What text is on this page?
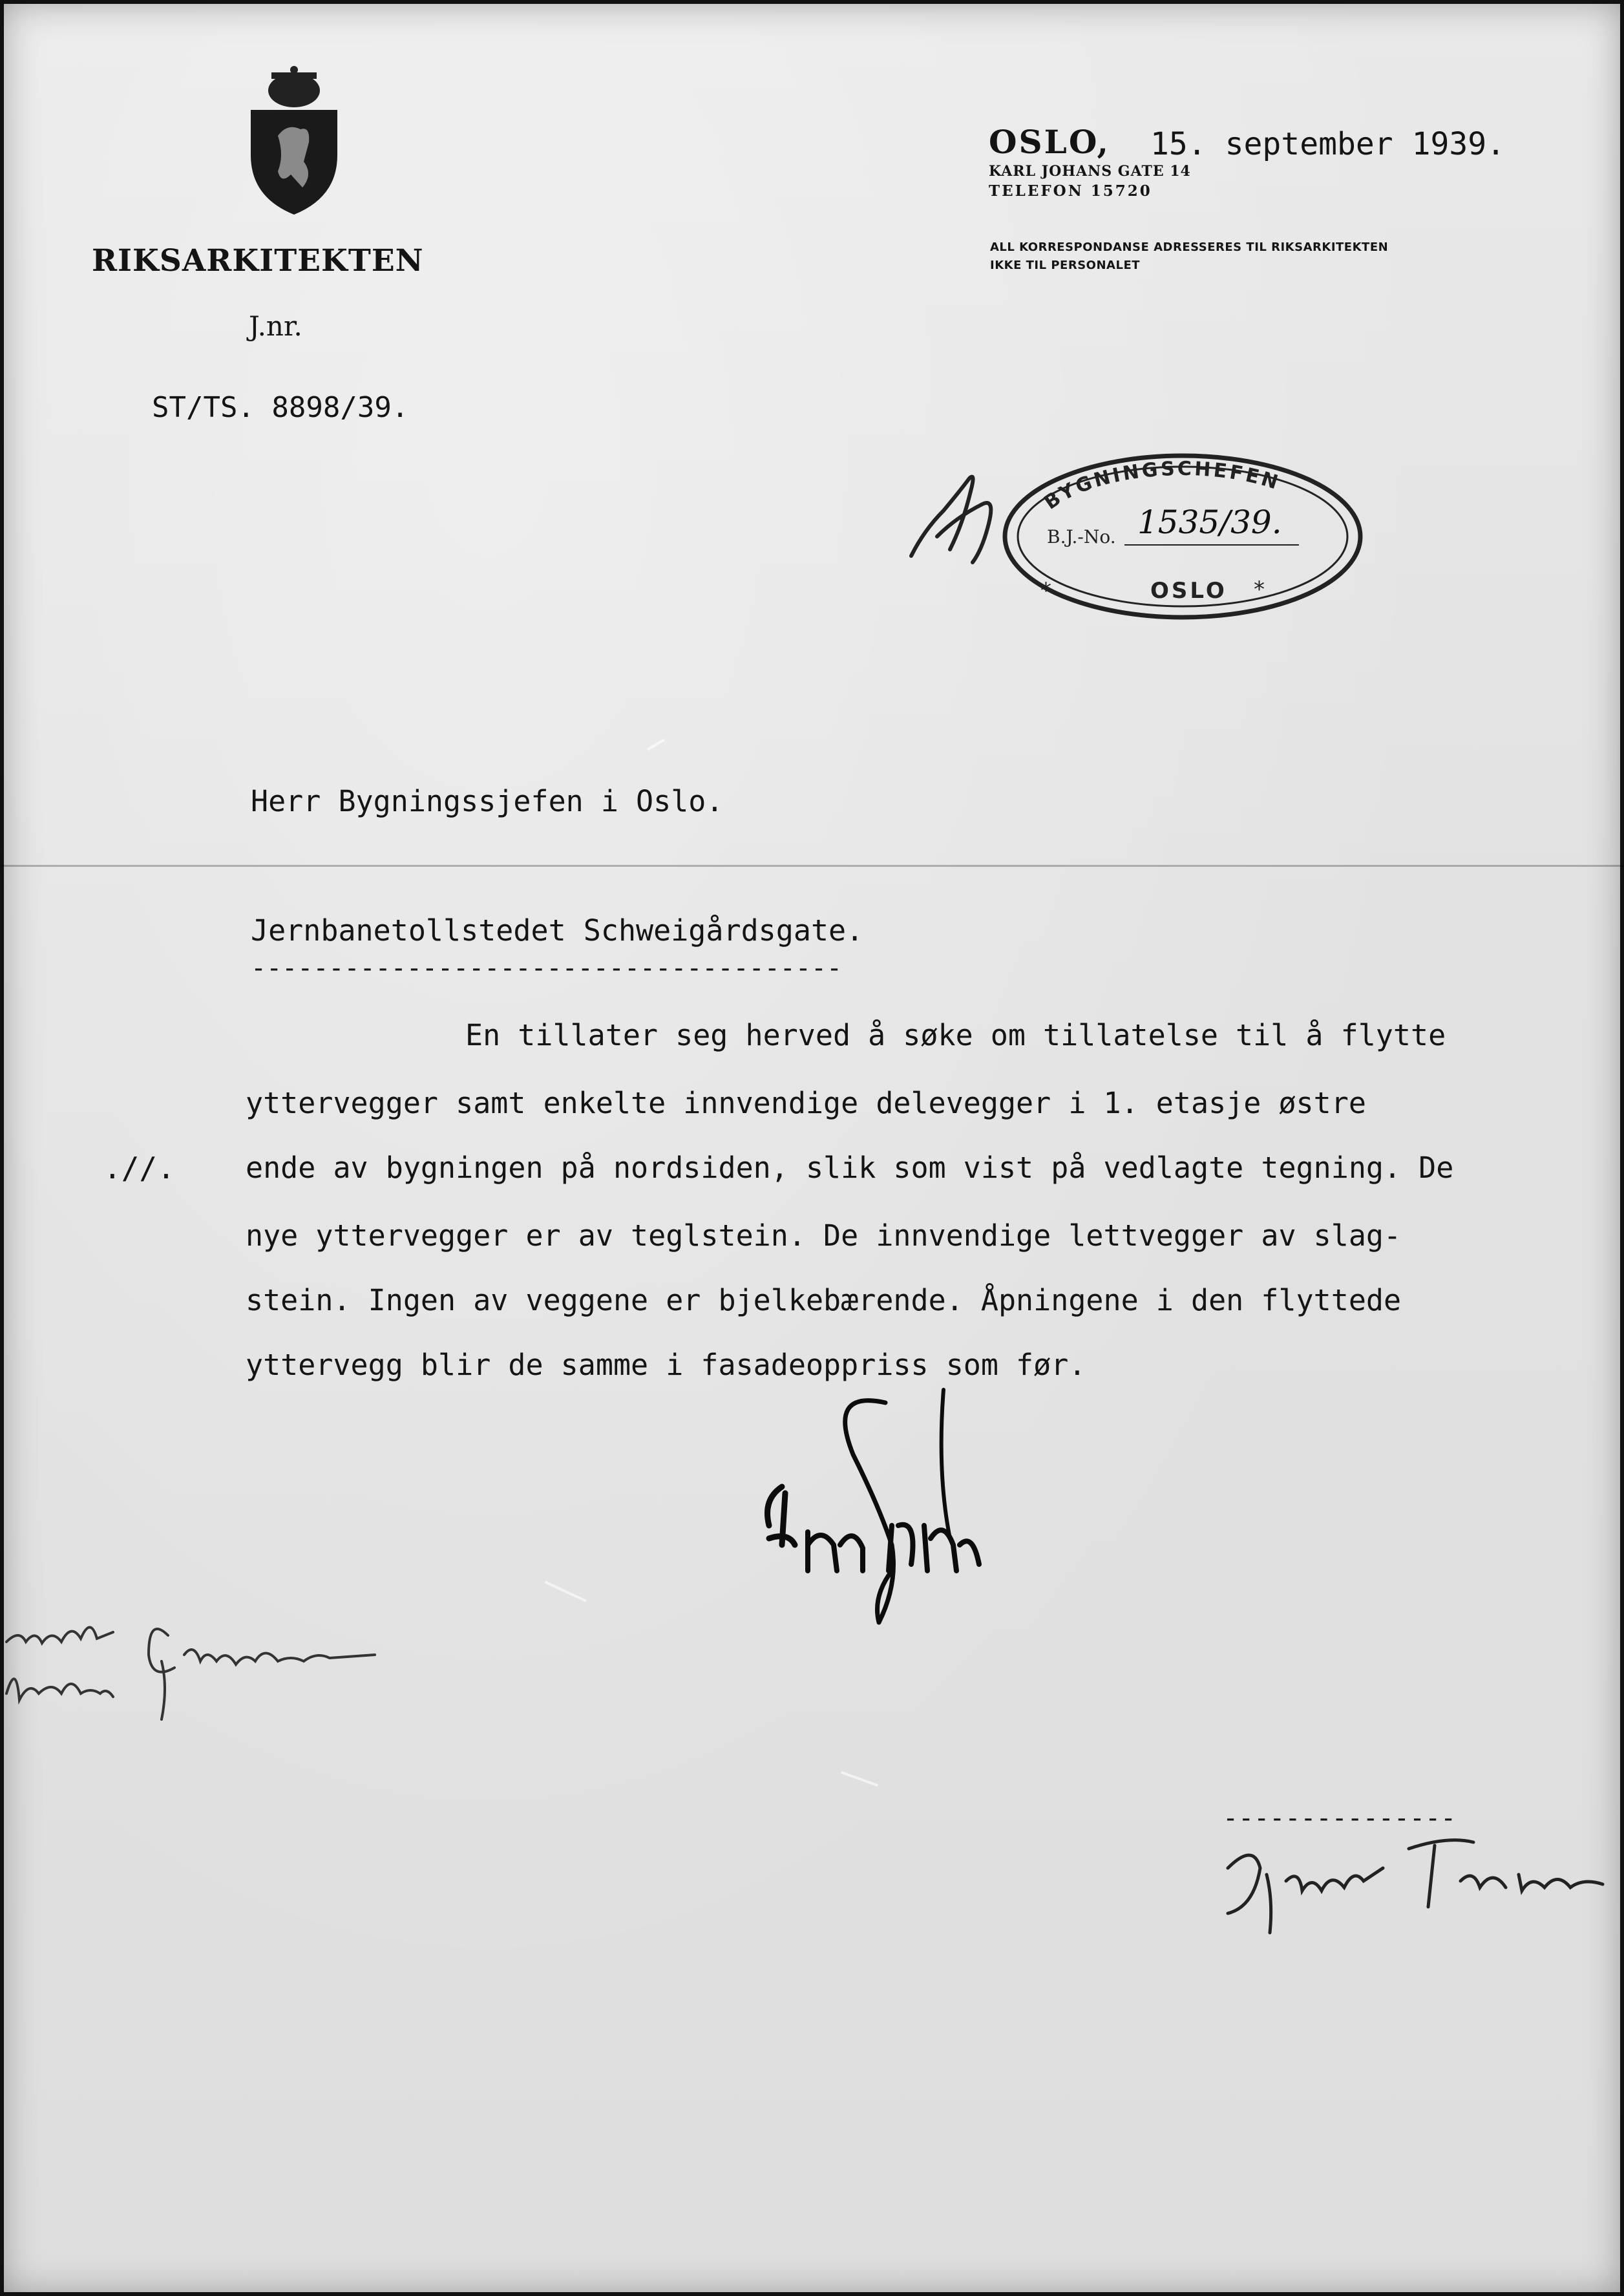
RIKSARKITEKTEN
J.nr.
ST/TS. 8898/39.
OSLO, 15. september 1939.
KARL JOHANS GATE 14
TELEFON 15720
ALL KORRESPONDANSE ADRESSERES TIL RIKSARKITEKTEN
IKKE TIL PERSONALET
BYGNINGSCHEFEN
B.J.-No. 1535/39.
OSLO *
*
Herr Bygningssjefen i Oslo.
Jernbanetollstedet Schweigårdsgate.
--------------------------------------
.//.
En tillater seg herved å søke om tillatelse til å flytte
yttervegger samt enkelte innvendige delevegger i 1. etasje østre
ende av bygningen på nordsiden, slik som vist på vedlagte tegning. De
nye yttervegger er av teglstein. De innvendige lettvegger av slag-
stein. Ingen av veggene er bjelkebærende. Åpningene i den flyttede
yttervegg blir de samme i fasadeoppriss som før.
---------------
